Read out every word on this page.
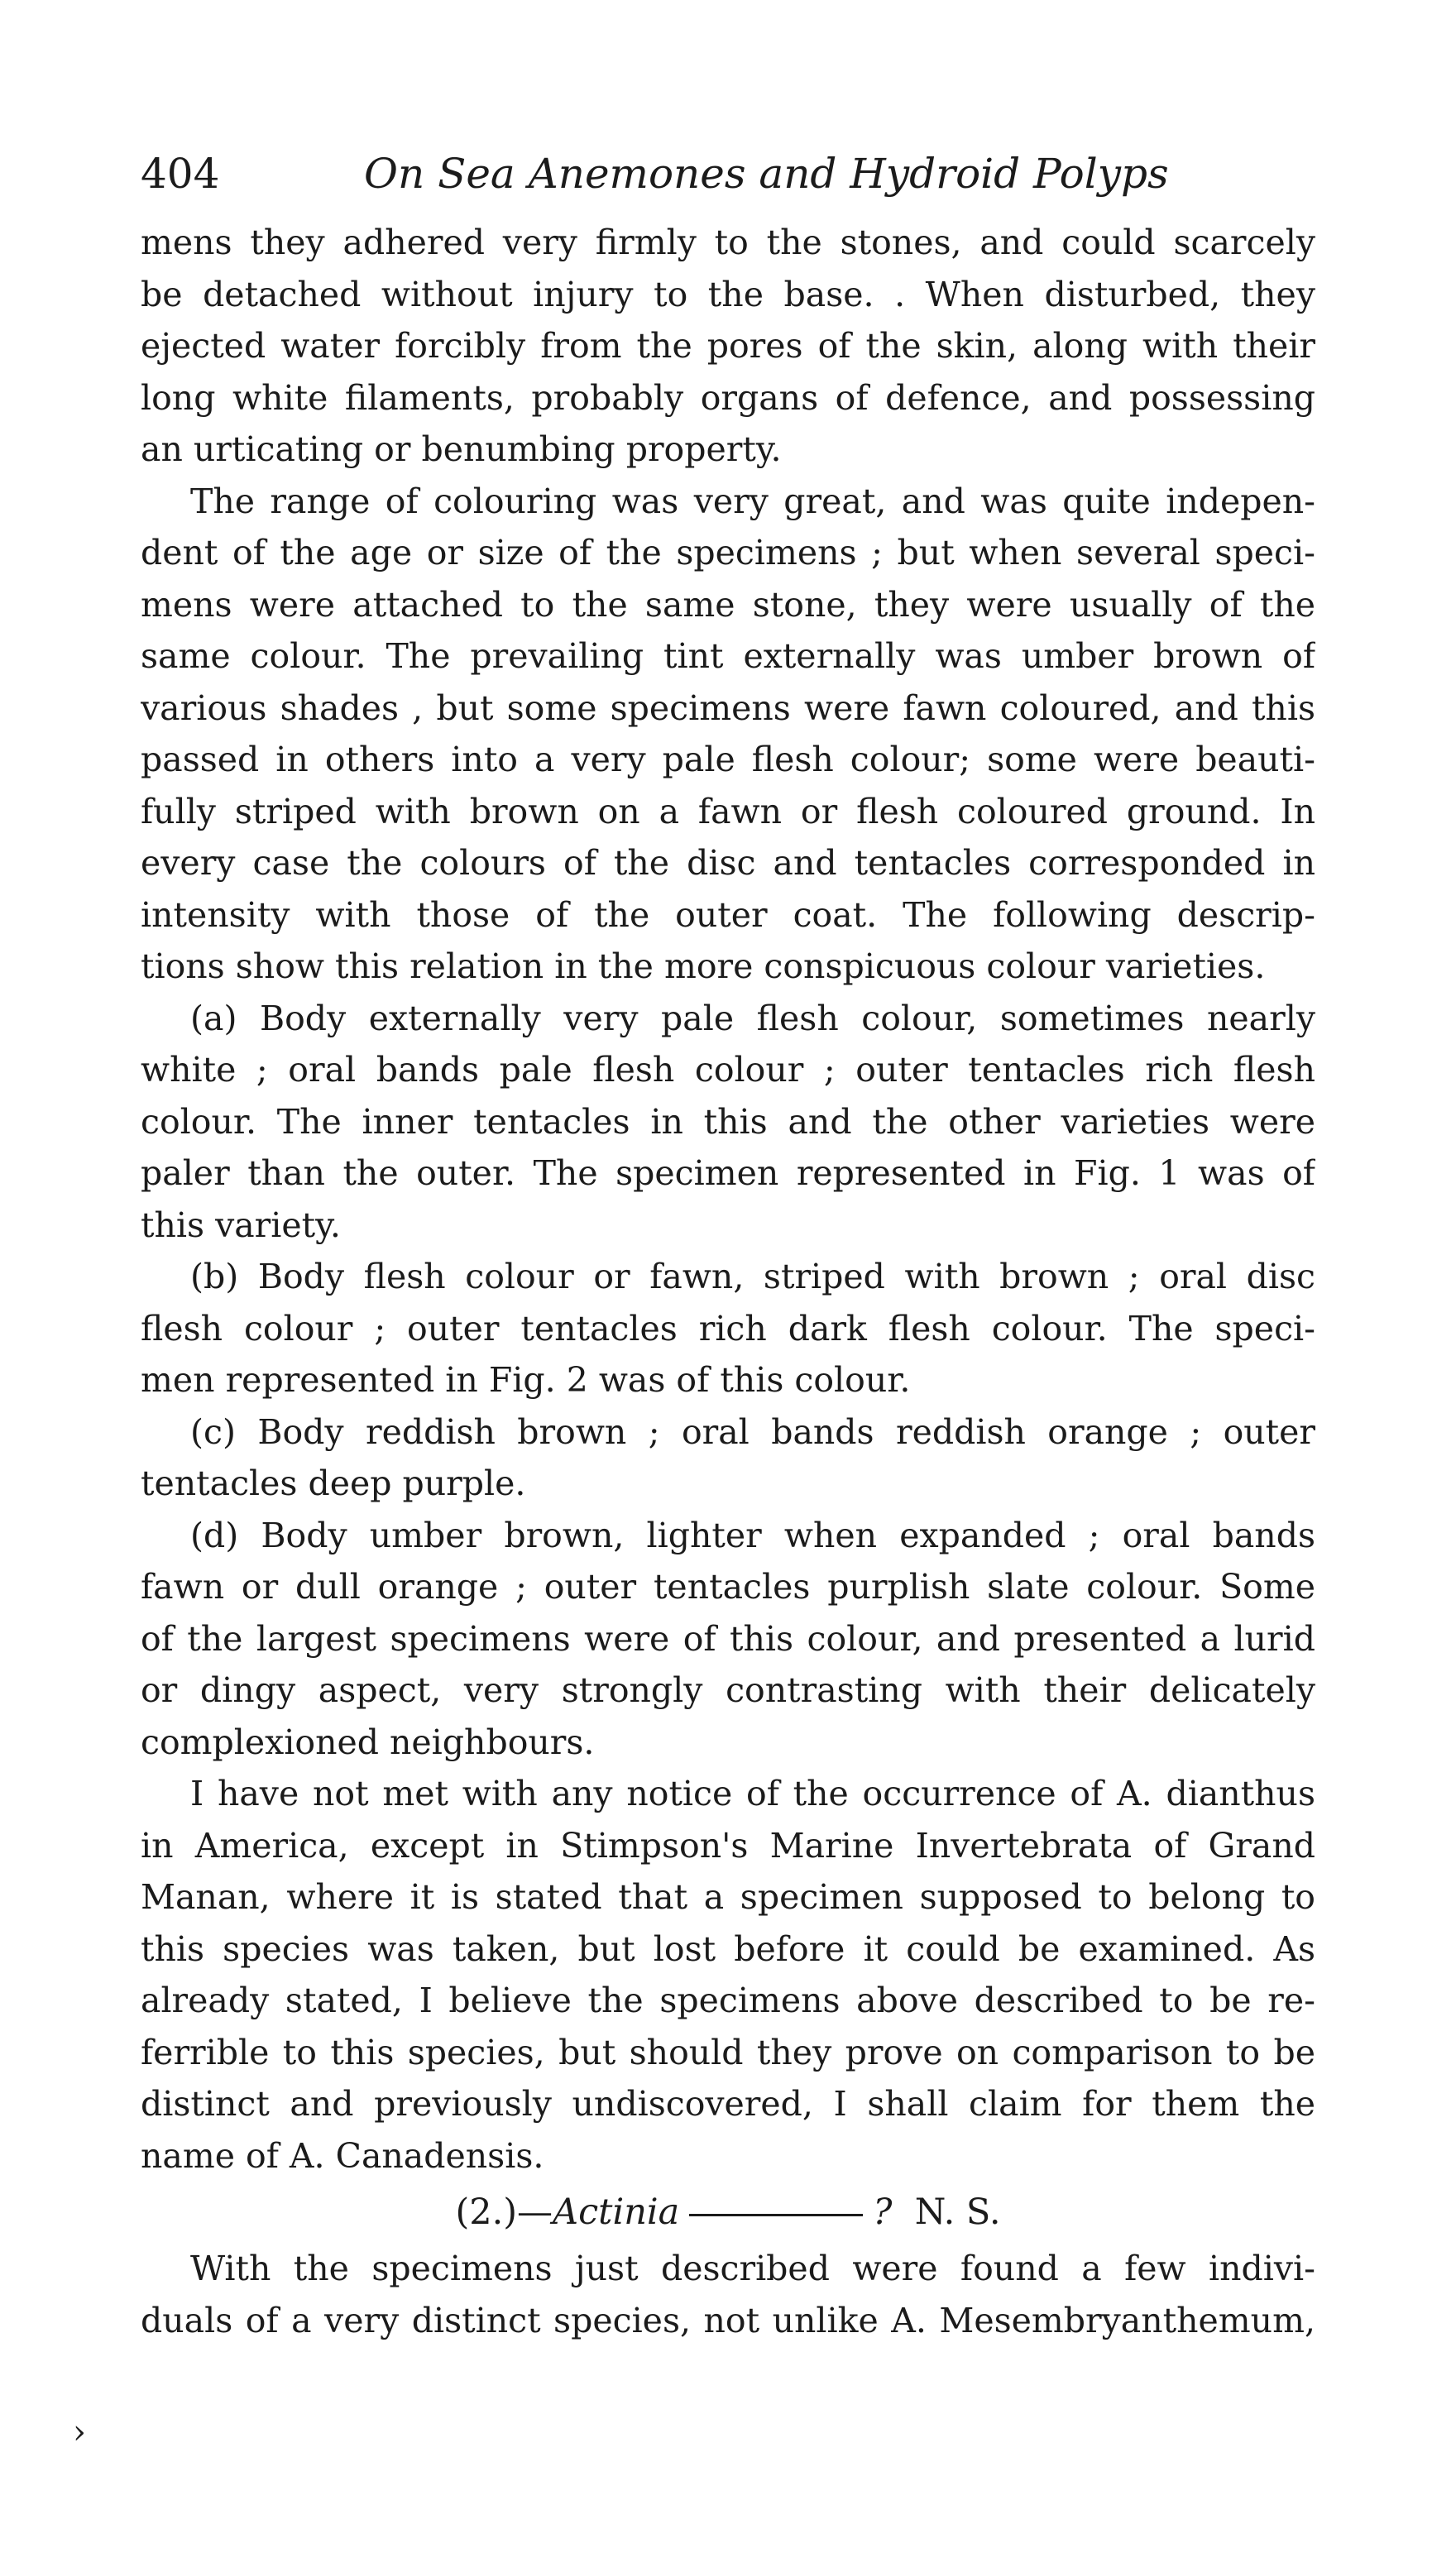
404	On Sea Anemones and Hydroid Polyps
mens they adhered very firmly to the stones, and could scarcely
be detached without injury to the base. . When disturbed, they
ejected water forcibly from the pores of the skin, along with their
long white filaments, probably organs of defence, and possessing
an urticating or benumbing property.
The range of colouring was very great, and was quite indepen-
dent of the age or size of the specimens ; but when several speci-
mens were attached to the same stone, they were usually of the
same colour. The prevailing tint externally was umber brown of
various shades , but some specimens were fawn coloured, and this
passed in others into a very pale flesh colour; some were beauti-
fully striped with brown on a fawn or flesh coloured ground. In
every case the colours of the disc and tentacles corresponded in
intensity with those of the outer coat. The following descrip-
tions show this relation in the more conspicuous colour varieties.
(a) Body externally very pale flesh colour, sometimes nearly
white ; oral bands pale flesh colour ; outer tentacles rich flesh
colour. The inner tentacles in this and the other varieties were
paler than the outer. The specimen represented in Fig. 1 was of
this variety.
(b) Body flesh colour or fawn, striped with brown ; oral disc
flesh colour ; outer tentacles rich dark flesh colour. The speci-
men represented in Fig. 2 was of this colour.
(c) Body reddish brown ; oral bands reddish orange ; outer
tentacles deep purple.
(d) Body umber brown, lighter when expanded ; oral bands
fawn or dull orange ; outer tentacles purplish slate colour. Some
of the largest specimens were of this colour, and presented a lurid
or dingy aspect, very strongly contrasting with their delicately
complexioned neighbours.
I have not met with any notice of the occurrence of A. dianthus
in America, except in Stimpson's Marine Invertebrata of Grand
Manan, where it is stated that a specimen supposed to belong to
this species was taken, but lost before it could be examined. As
already stated, I believe the specimens above described to be re-
ferrible to this species, but should they prove on comparison to be
distinct and previously undiscovered, I shall claim for them the
name of A. Canadensis.
(2.)—Actinia	? N. S.
With the specimens just described were found a few indivi-
duals of a very distinct species, not unlike A. Mesembryanthemum,
›
